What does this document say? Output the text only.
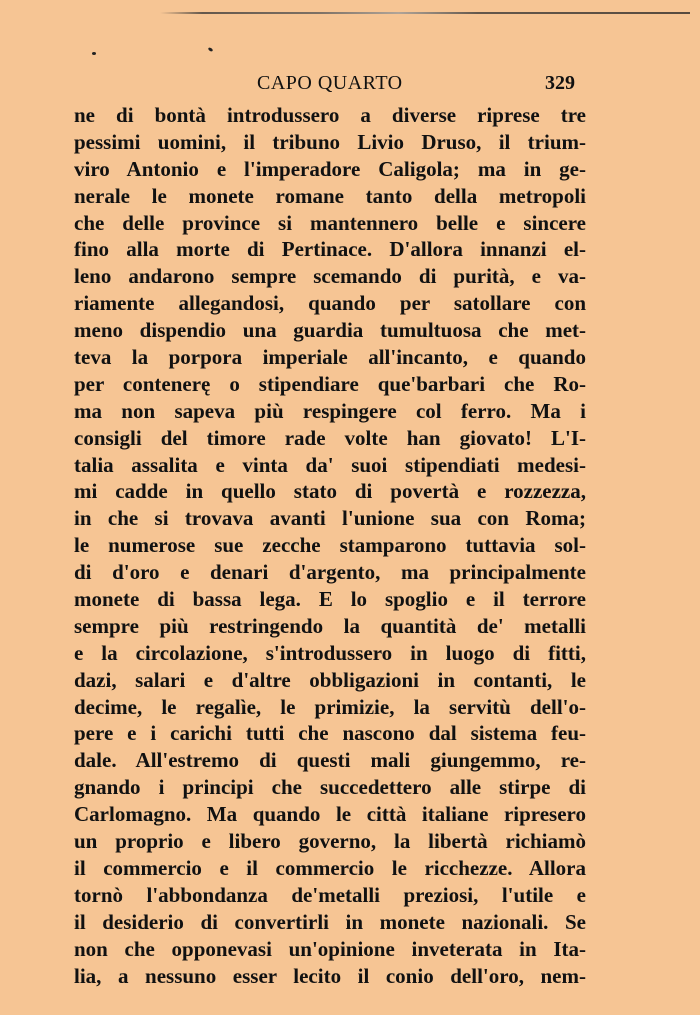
CAPO QUARTO	329
ne di bontà introdussero a diverse riprese tre
pessimi uomini, il tribuno Livio Druso, il trium-
viro Antonio e l'imperadore Caligola; ma in ge-
nerale le monete romane tanto della metropoli
che delle province si mantennero belle e sincere
fino alla morte di Pertinace. D'allora innanzi el-
leno andarono sempre scemando di purità, e va-
riamente allegandosi, quando per satollare con
meno dispendio una guardia tumultuosa che met-
teva la porpora imperiale all'incanto, e quando
per contenerę o stipendiare que'barbari che Ro-
ma non sapeva più respingere col ferro. Ma i
consigli del timore rade volte han giovato! L'I-
talia assalita e vinta da' suoi stipendiati medesi-
mi cadde in quello stato di povertà e rozzezza,
in che si trovava avanti l'unione sua con Roma;
le numerose sue zecche stamparono tuttavia sol-
di d'oro e denari d'argento, ma principalmente
monete di bassa lega. E lo spoglio e il terrore
sempre più restringendo la quantità de' metalli
e la circolazione, s'introdussero in luogo di fitti,
dazi, salari e d'altre obbligazioni in contanti, le
decime, le regalìe, le primizie, la servitù dell'o-
pere e i carichi tutti che nascono dal sistema feu-
dale. All'estremo di questi mali giungemmo, re-
gnando i principi che succedettero alle stirpe di
Carlomagno. Ma quando le città italiane ripresero
un proprio e libero governo, la libertà richiamò
il commercio e il commercio le ricchezze. Allora
tornò l'abbondanza de'metalli preziosi, l'utile e
il desiderio di convertirli in monete nazionali. Se
non che opponevasi un'opinione inveterata in Ita-
lia, a nessuno esser lecito il conio dell'oro, nem-
